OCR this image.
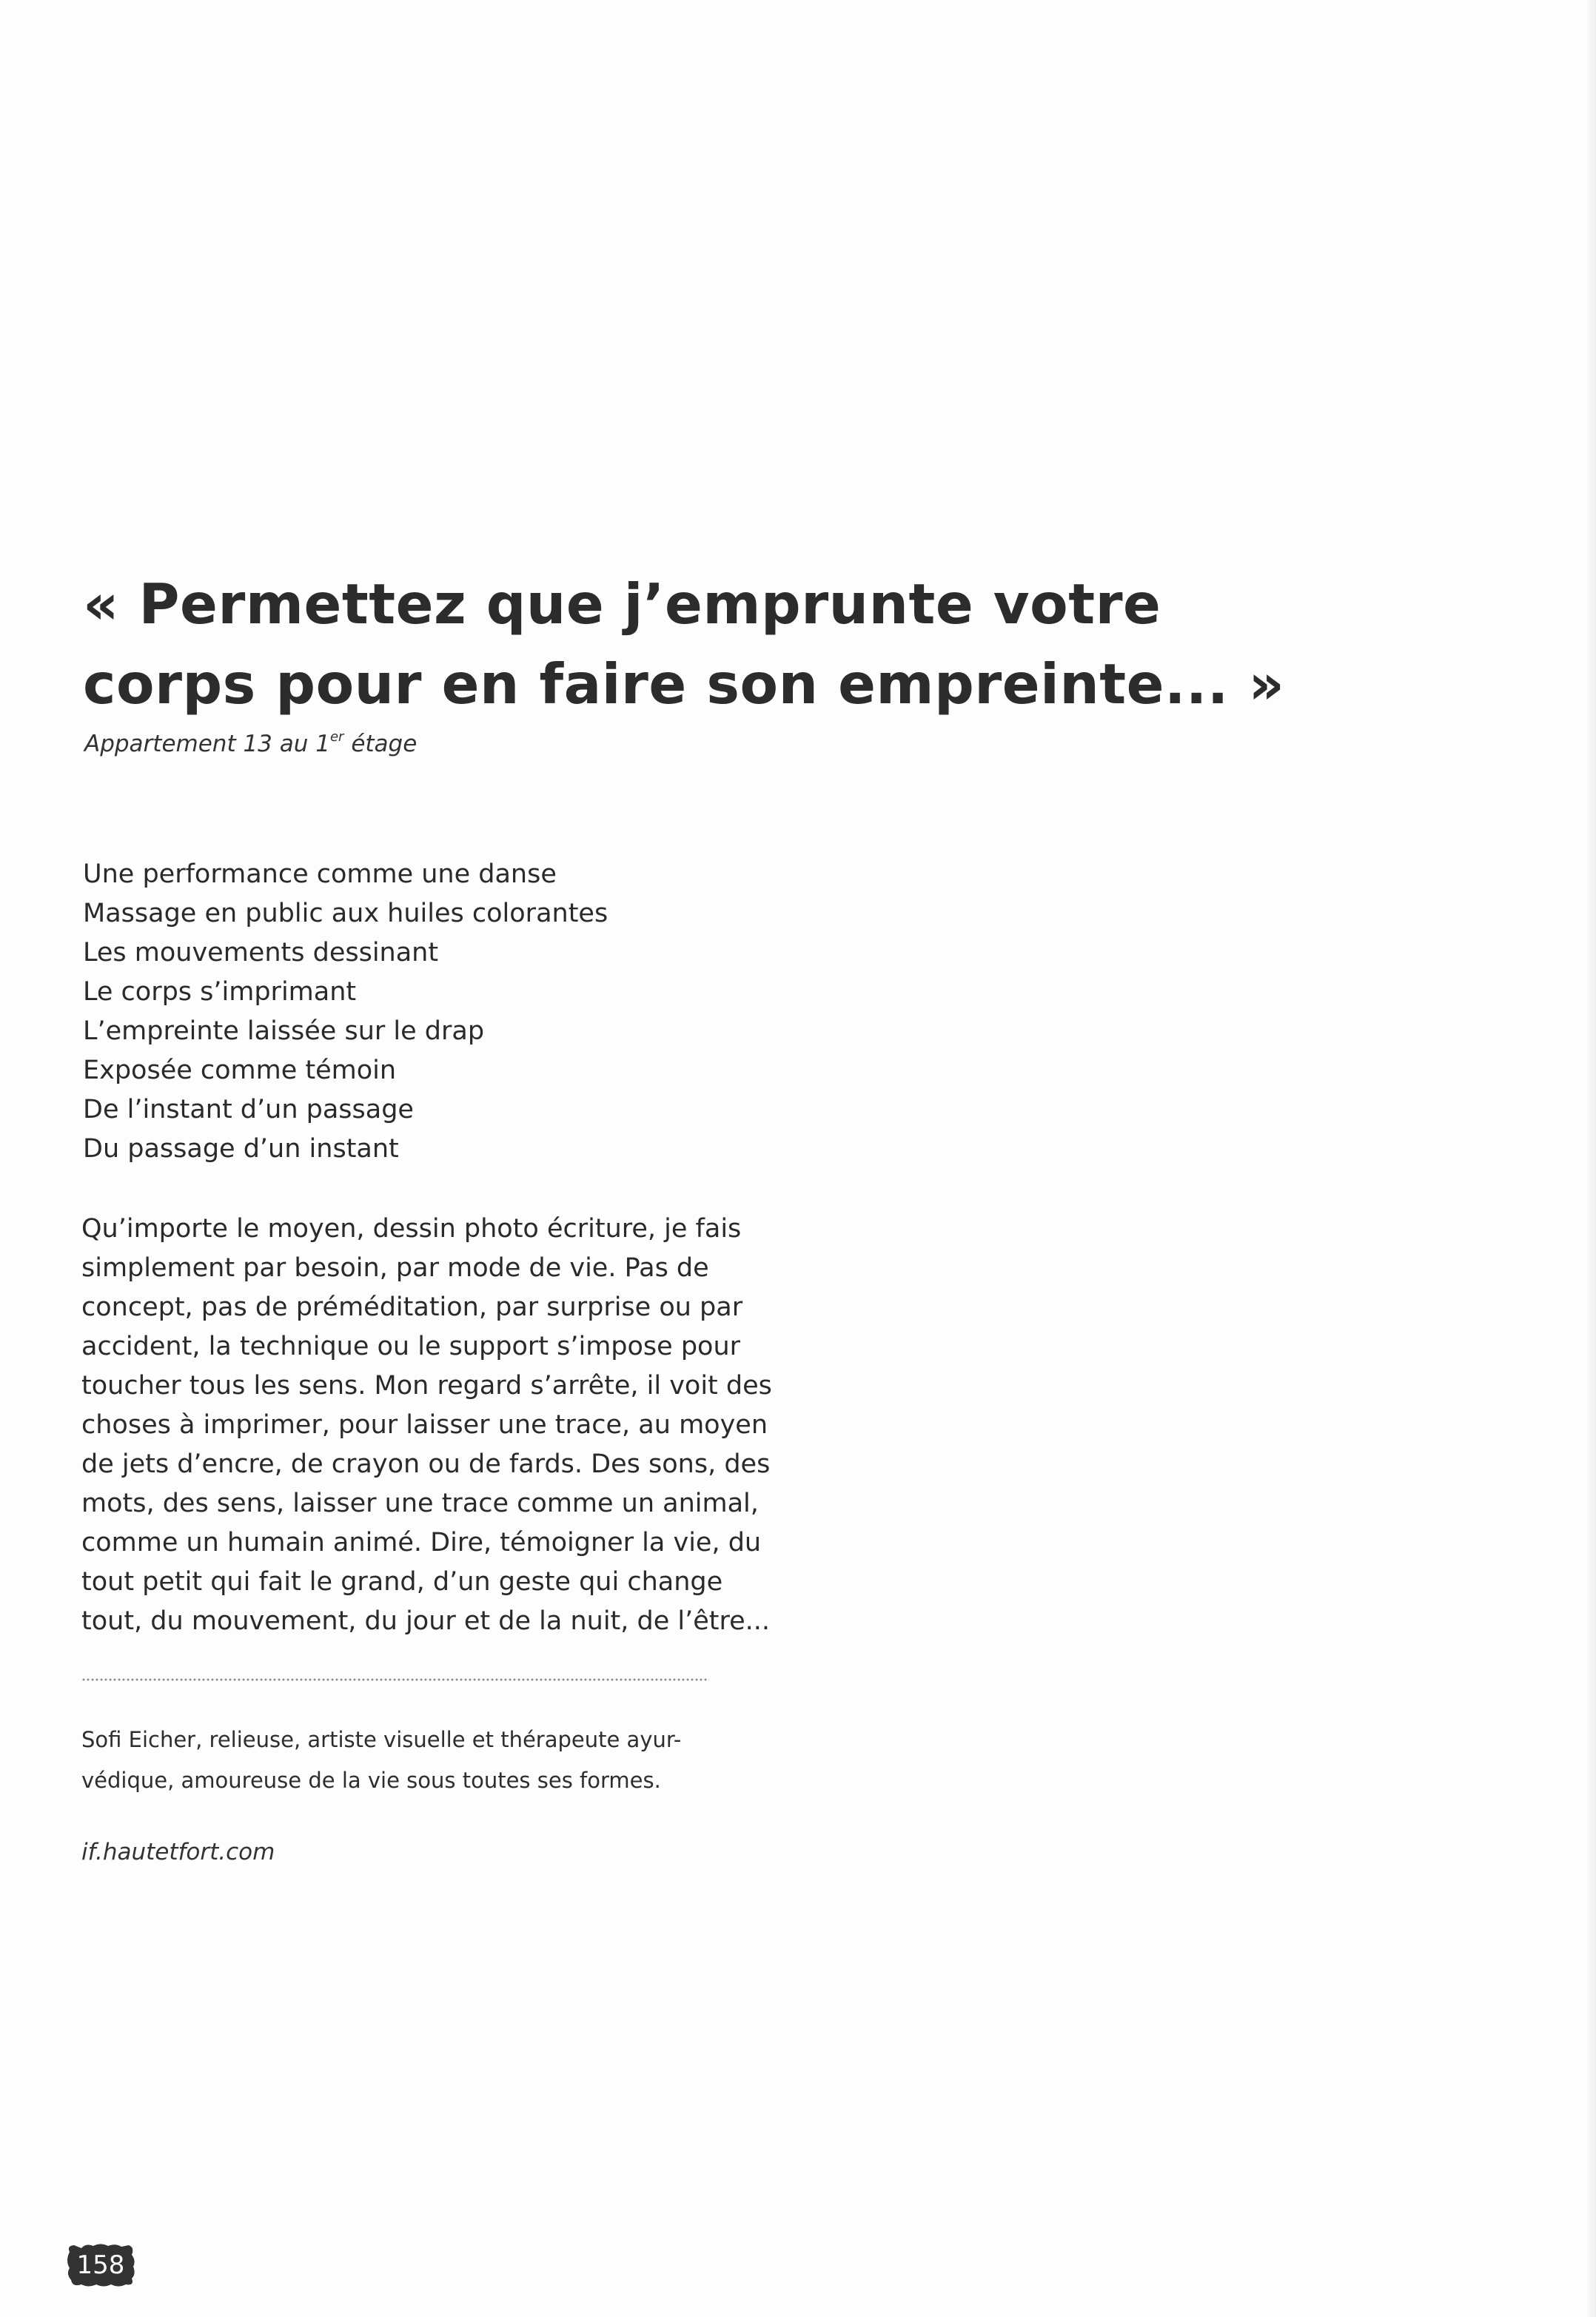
« Permettez que j’emprunte votre
corps pour en faire son empreinte... »
Appartement 13 au 1er étage
Une performance comme une danse
Massage en public aux huiles colorantes
Les mouvements dessinant
Le corps s’imprimant
L’empreinte laissée sur le drap
Exposée comme témoin
De l’instant d’un passage
Du passage d’un instant
Qu’importe le moyen, dessin photo écriture, je fais
simplement par besoin, par mode de vie. Pas de
concept, pas de préméditation, par surprise ou par
accident, la technique ou le support s’impose pour
toucher tous les sens. Mon regard s’arrête, il voit des
choses à imprimer, pour laisser une trace, au moyen
de jets d’encre, de crayon ou de fards. Des sons, des
mots, des sens, laisser une trace comme un animal,
comme un humain animé. Dire, témoigner la vie, du
tout petit qui fait le grand, d’un geste qui change
tout, du mouvement, du jour et de la nuit, de l’être...
Sofi Eicher, relieuse, artiste visuelle et thérapeute ayur-
védique, amoureuse de la vie sous toutes ses formes.
if.hautetfort.com
158
